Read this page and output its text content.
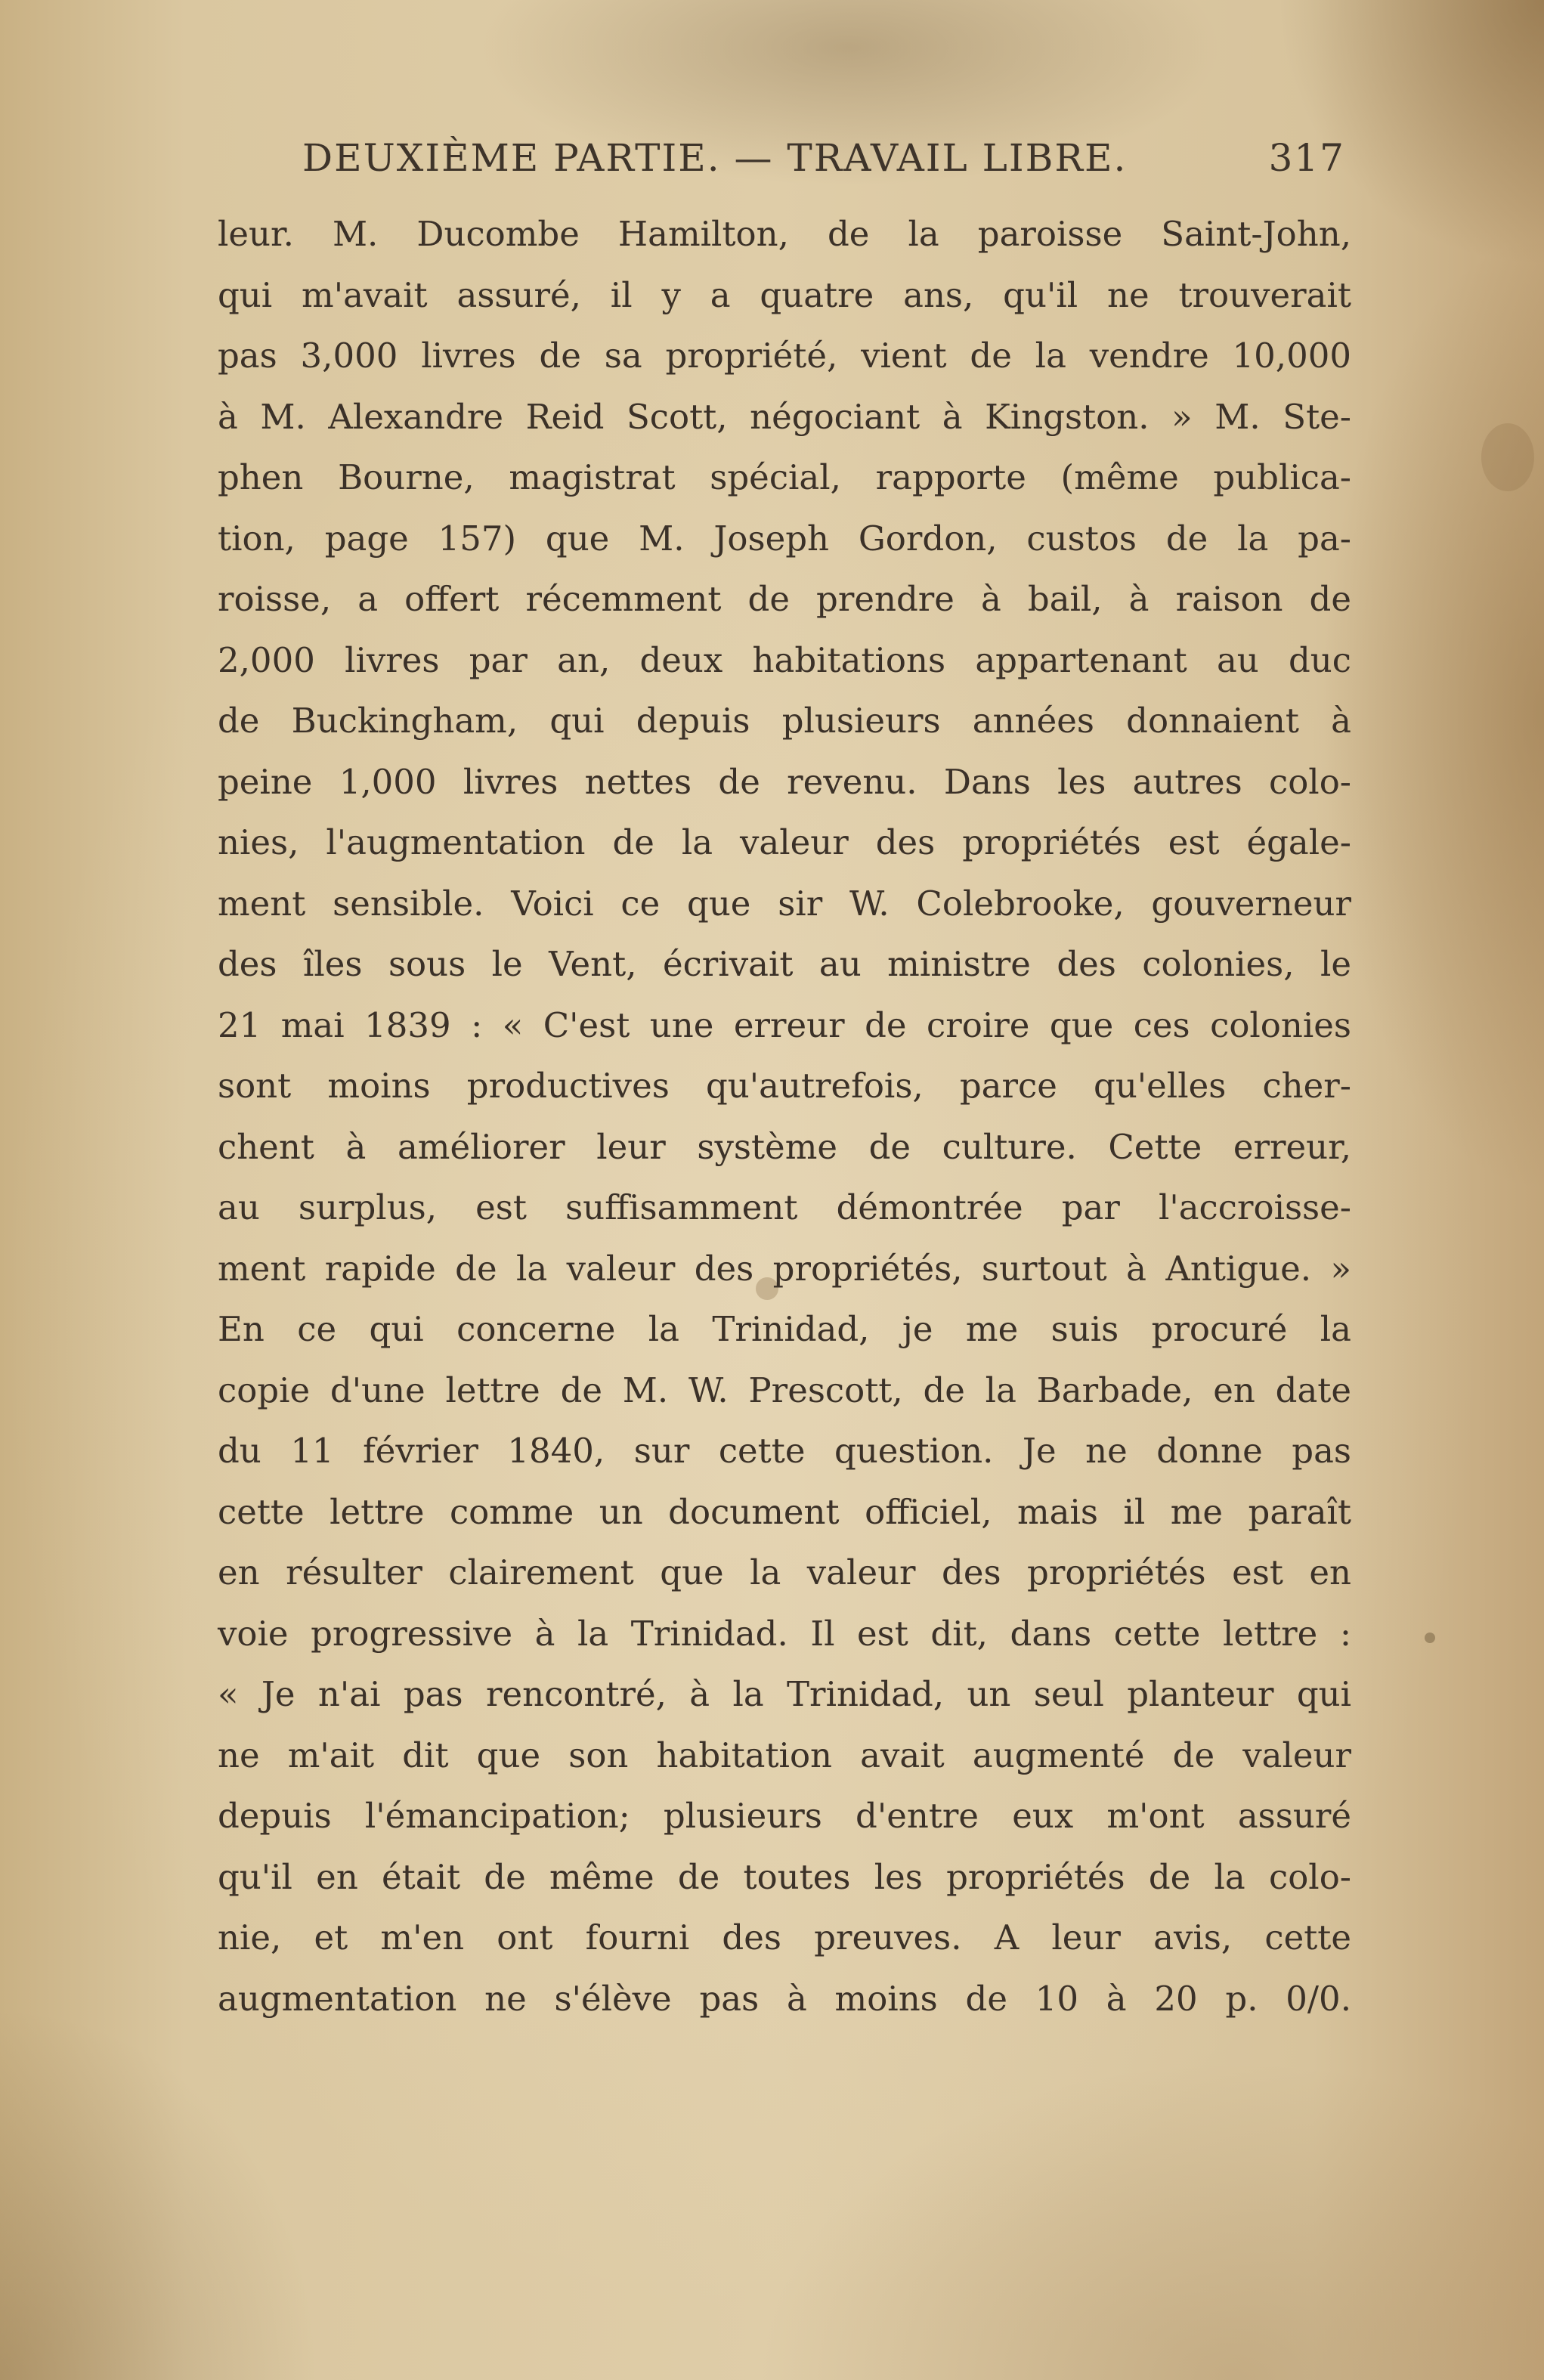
DEUXIÈME PARTIE. — TRAVAIL LIBRE.	317
leur. M. Ducombe Hamilton, de la paroisse Saint-John,
qui m'avait assuré, il y a quatre ans, qu'il ne trouverait
pas 3,000 livres de sa propriété, vient de la vendre 10,000
à M. Alexandre Reid Scott, négociant à Kingston. » M. Ste-
phen Bourne, magistrat spécial, rapporte (même publica-
tion, page 157) que M. Joseph Gordon, custos de la pa-
roisse, a offert récemment de prendre à bail, à raison de
2,000 livres par an, deux habitations appartenant au duc
de Buckingham, qui depuis plusieurs années donnaient à
peine 1,000 livres nettes de revenu. Dans les autres colo-
nies, l'augmentation de la valeur des propriétés est égale-
ment sensible. Voici ce que sir W. Colebrooke, gouverneur
des îles sous le Vent, écrivait au ministre des colonies, le
21 mai 1839 : « C'est une erreur de croire que ces colonies
sont moins productives qu'autrefois, parce qu'elles cher-
chent à améliorer leur système de culture. Cette erreur,
au surplus, est suffisamment démontrée par l'accroisse-
ment rapide de la valeur des propriétés, surtout à Antigue. »
En ce qui concerne la Trinidad, je me suis procuré la
copie d'une lettre de M. W. Prescott, de la Barbade, en date
du 11 février 1840, sur cette question. Je ne donne pas
cette lettre comme un document officiel, mais il me paraît
en résulter clairement que la valeur des propriétés est en
voie progressive à la Trinidad. Il est dit, dans cette lettre :
« Je n'ai pas rencontré, à la Trinidad, un seul planteur qui
ne m'ait dit que son habitation avait augmenté de valeur
depuis l'émancipation; plusieurs d'entre eux m'ont assuré
qu'il en était de même de toutes les propriétés de la colo-
nie, et m'en ont fourni des preuves. A leur avis, cette
augmentation ne s'élève pas à moins de 10 à 20 p. 0/0.
